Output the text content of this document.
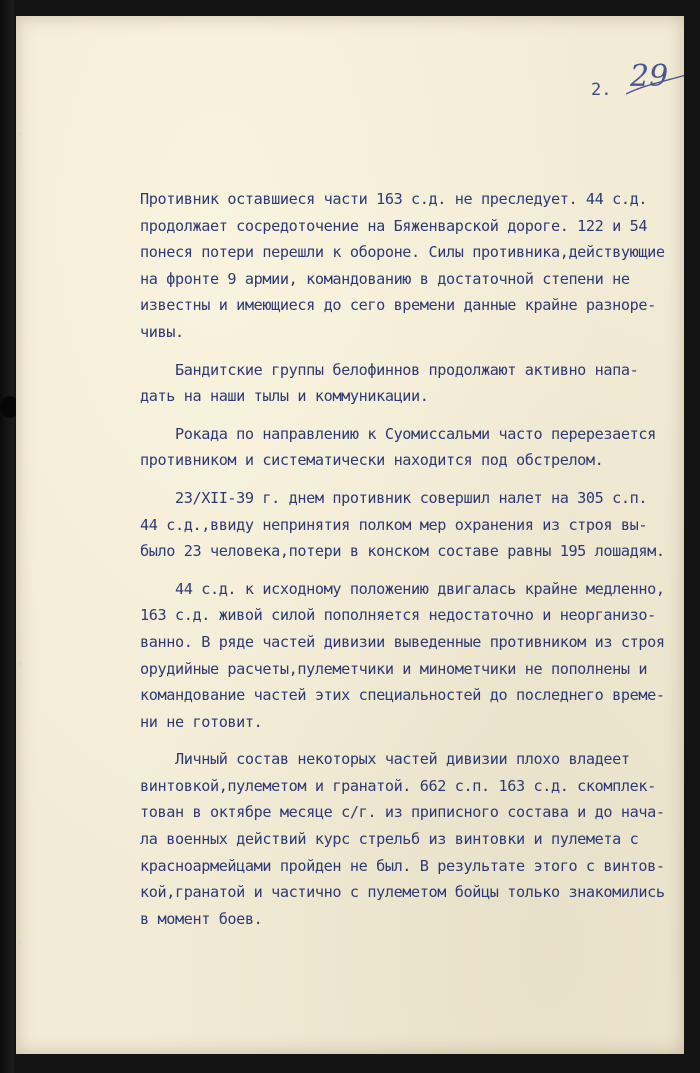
29
2.
Противник оставшиеся части 163 с.д. не преследует. 44 с.д.
продолжает сосредоточение на Бяженварской дороге. 122 и 54
понеся потери перешли к обороне. Силы противника,действующие
на фронте 9 армии, командованию в достаточной степени не
известны и имеющиеся до сего времени данные крайне разноре-
чивы.
Бандитские группы белофиннов продолжают активно напа-
дать на наши тылы и коммуникации.
Рокада по направлению к Суомиссальми часто перерезается
противником и систематически находится под обстрелом.
23/XII-39 г. днем противник совершил налет на 305 с.п.
44 с.д.,ввиду непринятия полком мер охранения из строя вы-
было 23 человека,потери в конском составе равны 195 лошадям.
44 с.д. к исходному положению двигалась крайне медленно,
163 с.д. живой силой пополняется недостаточно и неорганизо-
ванно. В ряде частей дивизии выведенные противником из строя
орудийные расчеты,пулеметчики и минометчики не пополнены и
командование частей этих специальностей до последнего време-
ни не готовит.
Личный состав некоторых частей дивизии плохо владеет
винтовкой,пулеметом и гранатой. 662 с.п. 163 с.д. скомплек-
тован в октябре месяце с/г. из приписного состава и до нача-
ла военных действий курс стрельб из винтовки и пулемета с
красноармейцами пройден не был. В результате этого с винтов-
кой,гранатой и частично с пулеметом бойцы только знакомились
в момент боев.
✦
✦
✦
